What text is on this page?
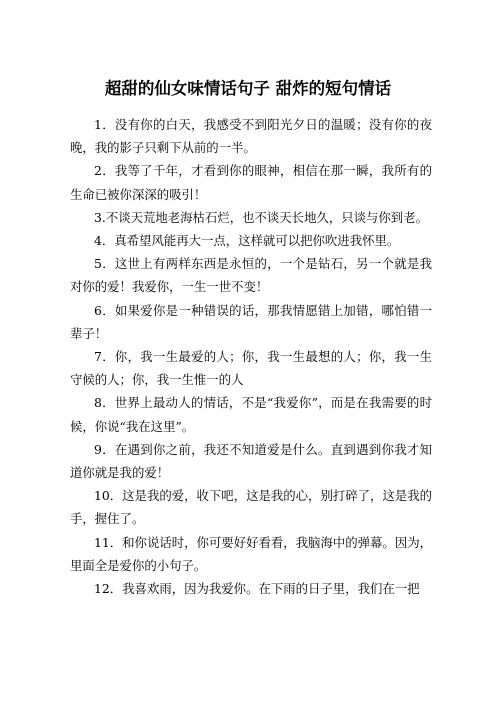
超甜的仙女味情话句子 甜炸的短句情话

1．没有你的白天，我感受不到阳光夕日的温暖；没有你的夜晚，我的影子只剩下从前的一半。

2．我等了千年，才看到你的眼神，相信在那一瞬，我所有的生命已被你深深的吸引！

3.不谈天荒地老海枯石烂，也不谈天长地久，只谈与你到老。

4．真希望风能再大一点，这样就可以把你吹进我怀里。

5．这世上有两样东西是永恒的，一个是钻石，另一个就是我对你的爱！我爱你，一生一世不变！

6．如果爱你是一种错误的话，那我情愿错上加错，哪怕错一辈子！

7．你，我一生最爱的人；你，我一生最想的人；你，我一生守候的人；你，我一生惟一的人

8．世界上最动人的情话，不是“我爱你”，而是在我需要的时候，你说“我在这里”。

9．在遇到你之前，我还不知道爱是什么。直到遇到你我才知道你就是我的爱！

10．这是我的爱，收下吧，这是我的心，别打碎了，这是我的手，握住了。

11．和你说话时，你可要好好看看，我脑海中的弹幕。因为，里面全是爱你的小句子。

12．我喜欢雨，因为我爱你。在下雨的日子里，我们在一把
